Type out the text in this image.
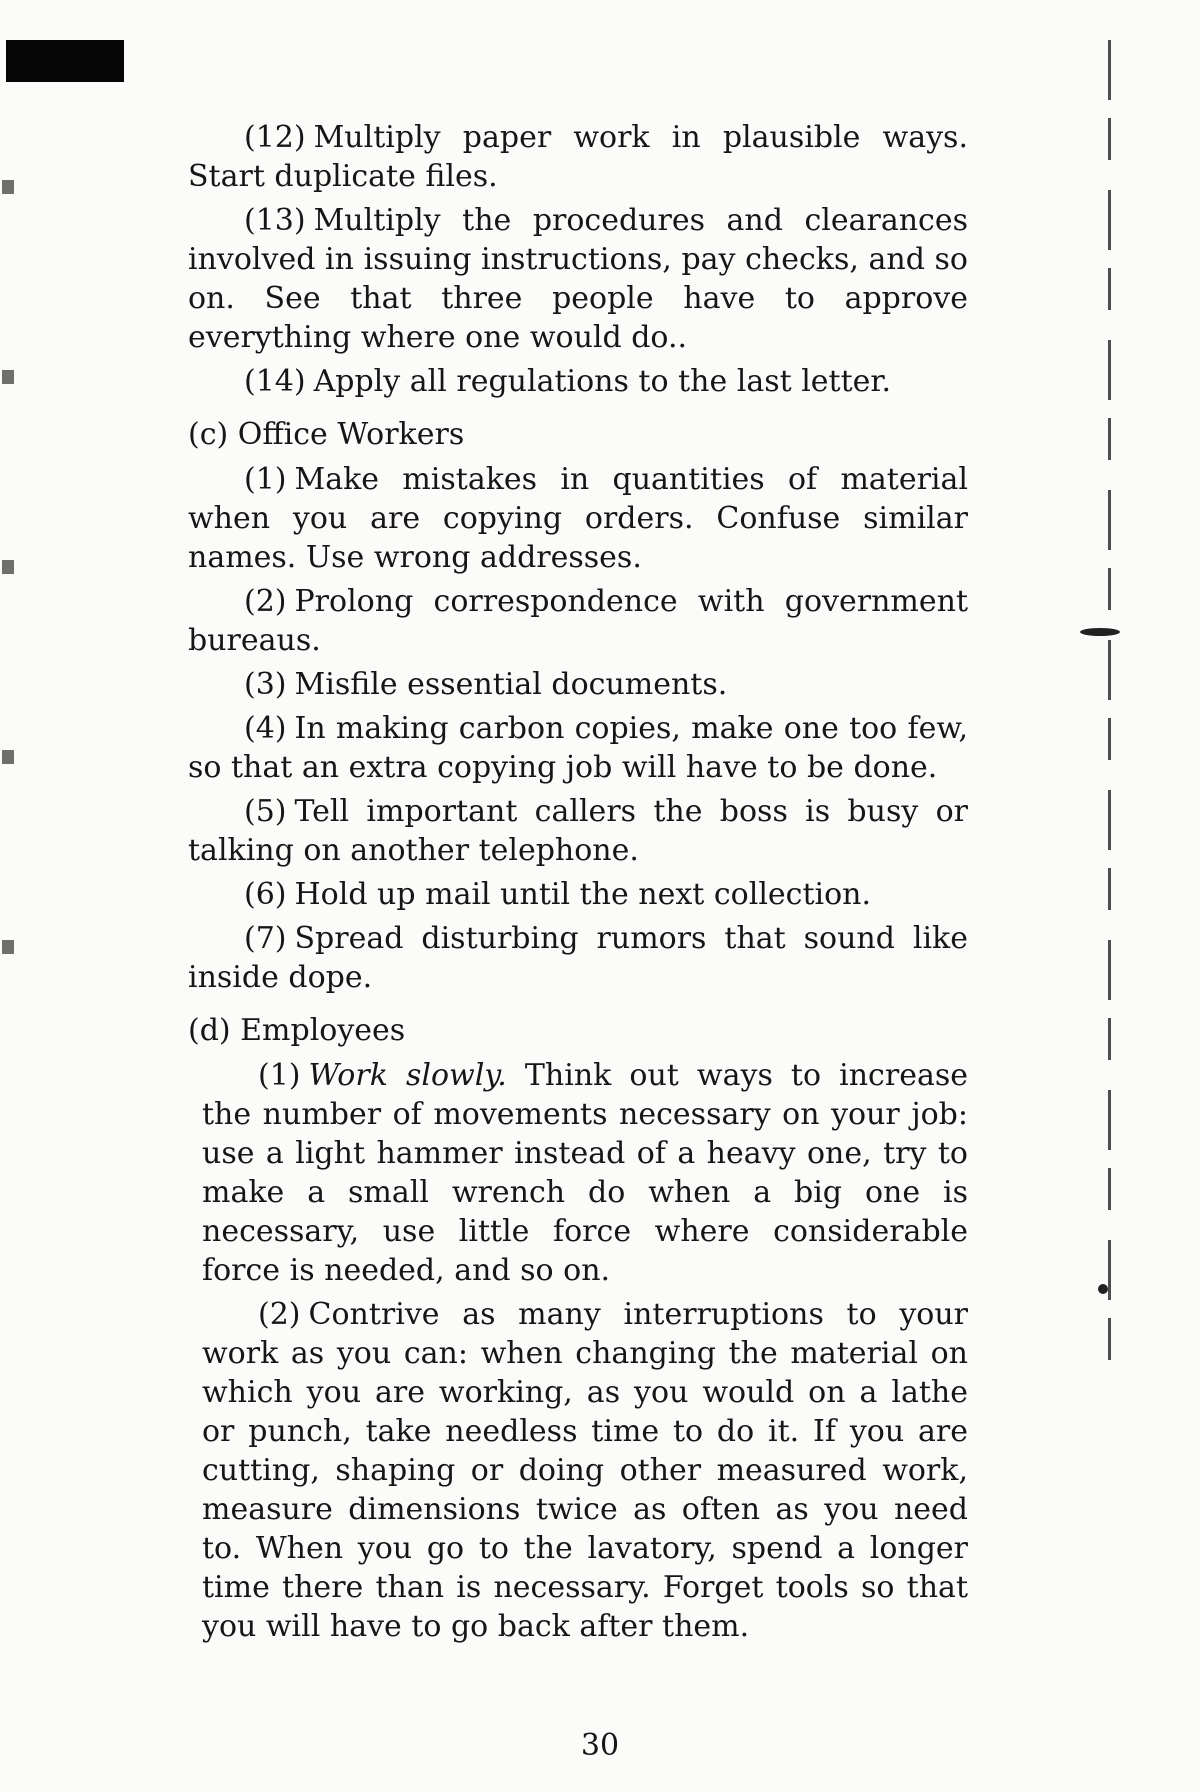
(12) Multiply paper work in plausible ways. Start duplicate files.

(13) Multiply the procedures and clearances involved in issuing instructions, pay checks, and so on. See that three people have to approve everything where one would do..

(14) Apply all regulations to the last letter.

(c) Office Workers

(1) Make mistakes in quantities of material when you are copying orders. Confuse similar names. Use wrong addresses.

(2) Prolong correspondence with government bureaus.

(3) Misfile essential documents.

(4) In making carbon copies, make one too few, so that an extra copying job will have to be done.

(5) Tell important callers the boss is busy or talking on another telephone.

(6) Hold up mail until the next collection.

(7) Spread disturbing rumors that sound like inside dope.

(d) Employees

(1) Work slowly. Think out ways to increase the number of movements necessary on your job: use a light hammer instead of a heavy one, try to make a small wrench do when a big one is necessary, use little force where considerable force is needed, and so on.

(2) Contrive as many interruptions to your work as you can: when changing the material on which you are working, as you would on a lathe or punch, take needless time to do it. If you are cutting, shaping or doing other measured work, measure dimensions twice as often as you need to. When you go to the lavatory, spend a longer time there than is necessary. Forget tools so that you will have to go back after them.

30
